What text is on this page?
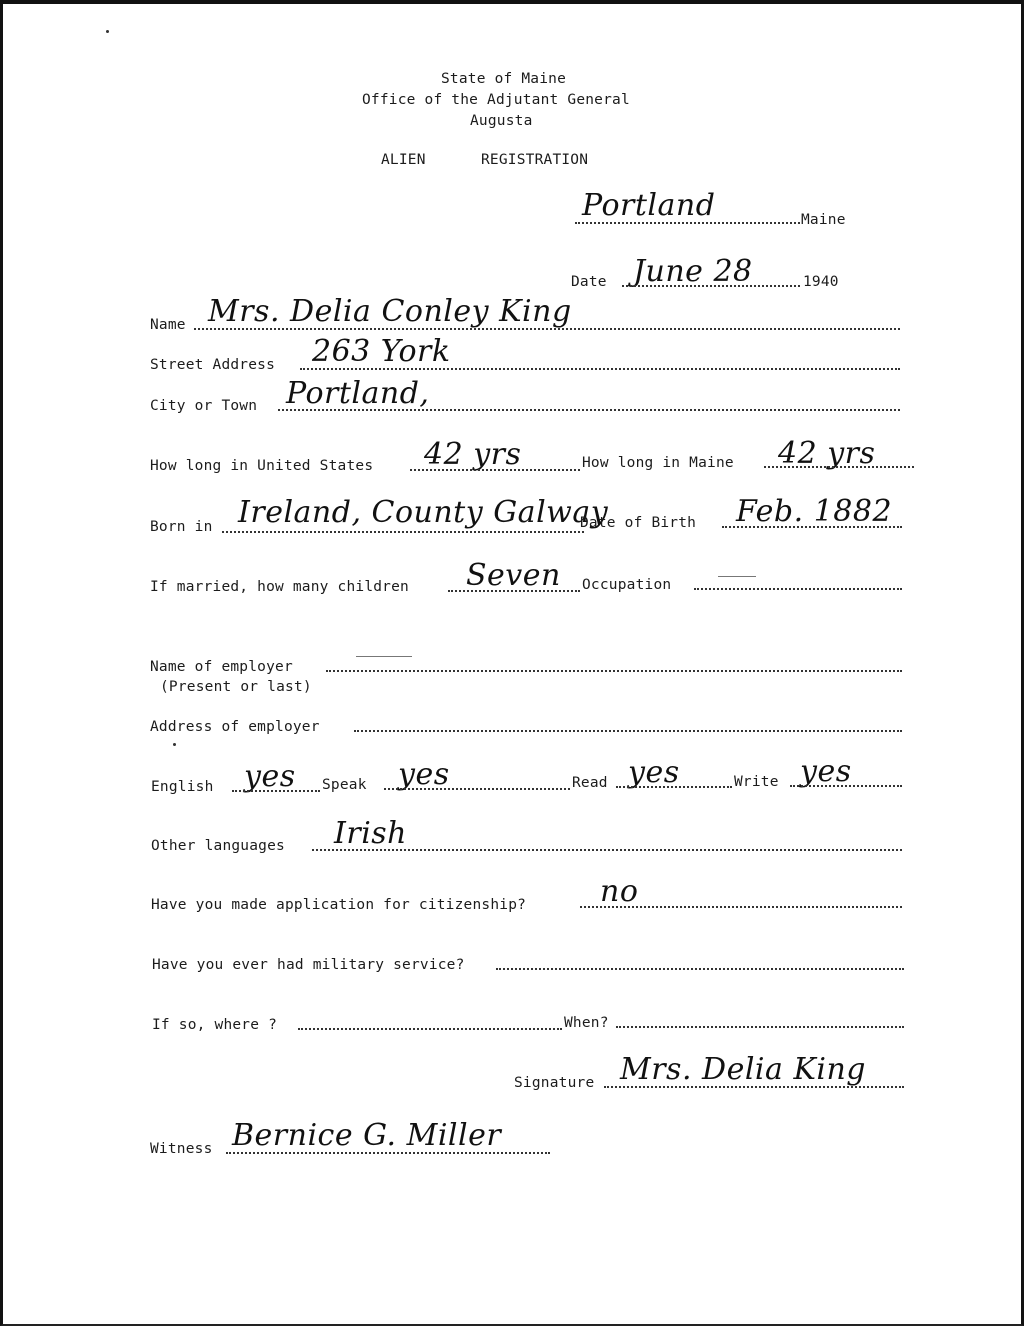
State of Maine
Office of the Adjutant General
Augusta
ALIEN	REGISTRATION
Portland	Maine
Date June 28	1940
Name Mrs. Delia Conley King
Street Address 263 York
City or Town Portland,
How long in United States 42 yrs	How long in Maine 42 yrs
Born in Ireland, County Galway
Date of Birth Feb. 1882
If married, how many children Seven Occupation
Name of employer
(Present or last)
Address of employer
English yes Speak yes	Read yes	Write yes
Other languages Irish
Have you made application for citizenship? no
Have you ever had military service?
If so, where ?	When?
Signature Mrs. Delia King
Witness Bernice G. Miller
